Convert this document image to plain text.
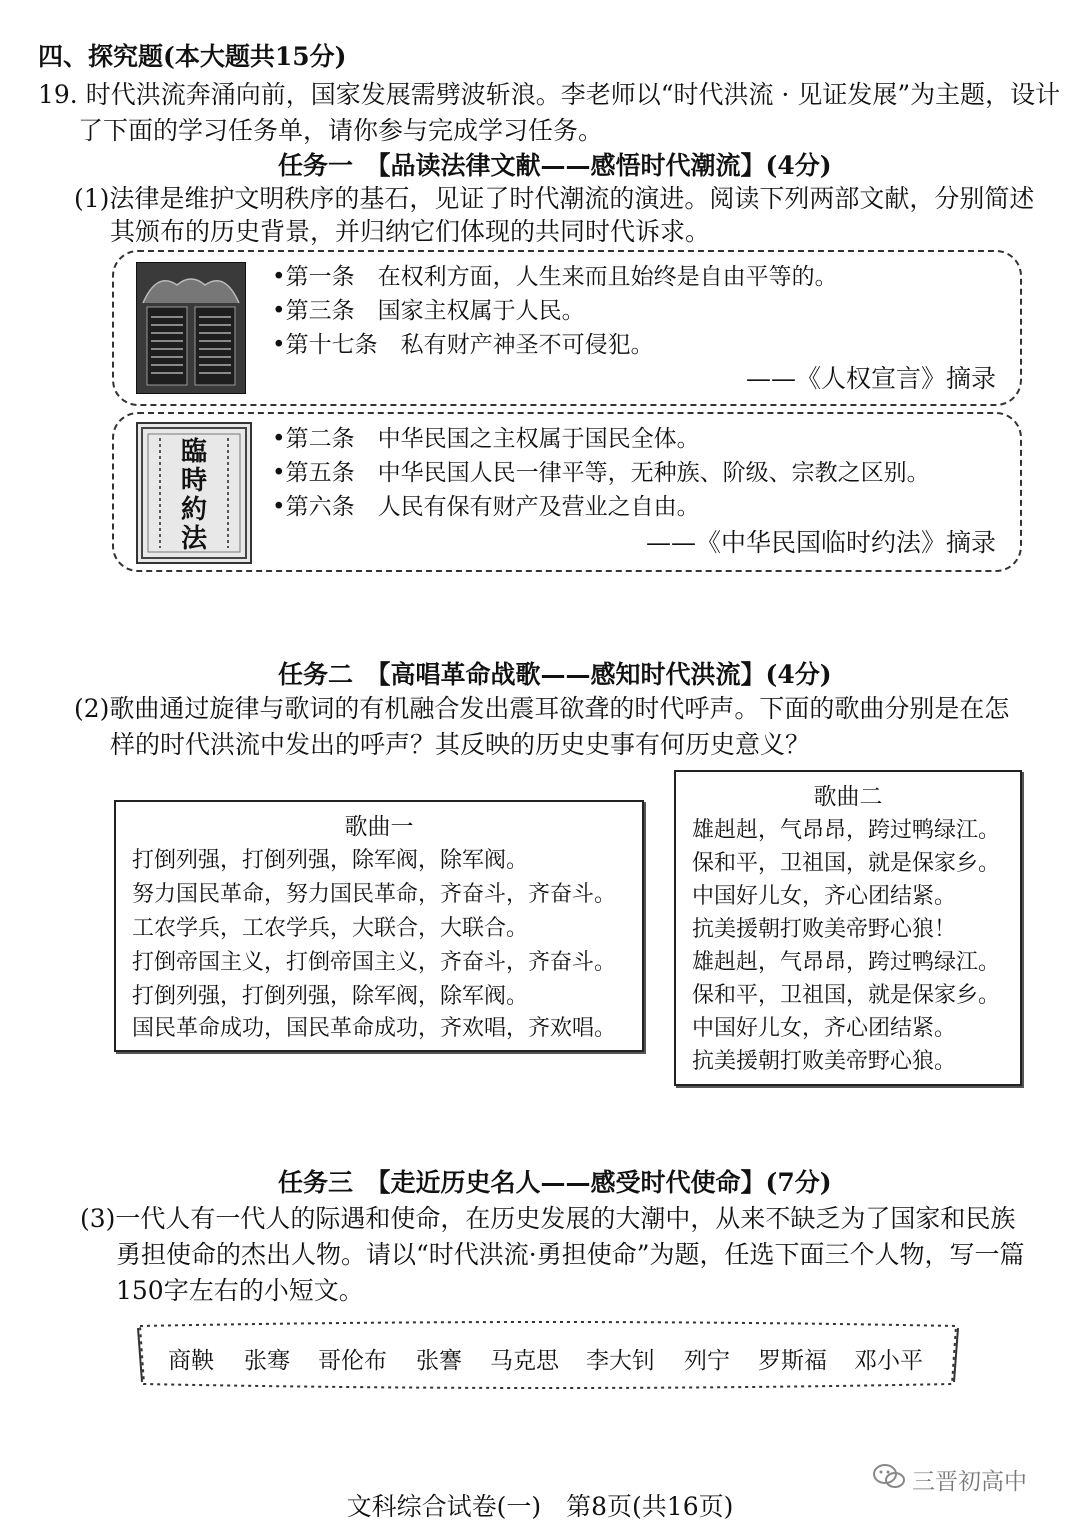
四、探究题(本大题共15分)
19. 时代洪流奔涌向前，国家发展需劈波斩浪。李老师以“时代洪流 · 见证发展”为主题，设计
了下面的学习任务单，请你参与完成学习任务。
任务一　【品读法律文献——感悟时代潮流】(4分)
(1)法律是维护文明秩序的基石，见证了时代潮流的演进。阅读下列两部文献，分别简述
其颁布的历史背景，并归纳它们体现的共同时代诉求。
•第一条　在权利方面，人生来而且始终是自由平等的。
•第三条　国家主权属于人民。
•第十七条　私有财产神圣不可侵犯。
——《人权宣言》摘录
臨時約法
•第二条　中华民国之主权属于国民全体。
•第五条　中华民国人民一律平等，无种族、阶级、宗教之区别。
•第六条　人民有保有财产及营业之自由。
——《中华民国临时约法》摘录
任务二　【高唱革命战歌——感知时代洪流】(4分)
(2)歌曲通过旋律与歌词的有机融合发出震耳欲聋的时代呼声。下面的歌曲分别是在怎
样的时代洪流中发出的呼声？其反映的历史史事有何历史意义？
歌曲一
打倒列强，打倒列强，除军阀，除军阀。
努力国民革命，努力国民革命，齐奋斗，齐奋斗。
工农学兵，工农学兵，大联合，大联合。
打倒帝国主义，打倒帝国主义，齐奋斗，齐奋斗。
打倒列强，打倒列强，除军阀，除军阀。
国民革命成功，国民革命成功，齐欢唱，齐欢唱。
歌曲二
雄赳赳，气昂昂，跨过鸭绿江。
保和平，卫祖国，就是保家乡。
中国好儿女，齐心团结紧。
抗美援朝打败美帝野心狼！
雄赳赳，气昂昂，跨过鸭绿江。
保和平，卫祖国，就是保家乡。
中国好儿女，齐心团结紧。
抗美援朝打败美帝野心狼。
任务三　【走近历史名人——感受时代使命】(7分)
(3)一代人有一代人的际遇和使命，在历史发展的大潮中，从来不缺乏为了国家和民族
勇担使命的杰出人物。请以“时代洪流·勇担使命”为题，任选下面三个人物，写一篇
150字左右的小短文。
商鞅 张骞 哥伦布 张謇 马克思 李大钊 列宁 罗斯福 邓小平
文科综合试卷(一)　第8页(共16页)
三晋初高中
